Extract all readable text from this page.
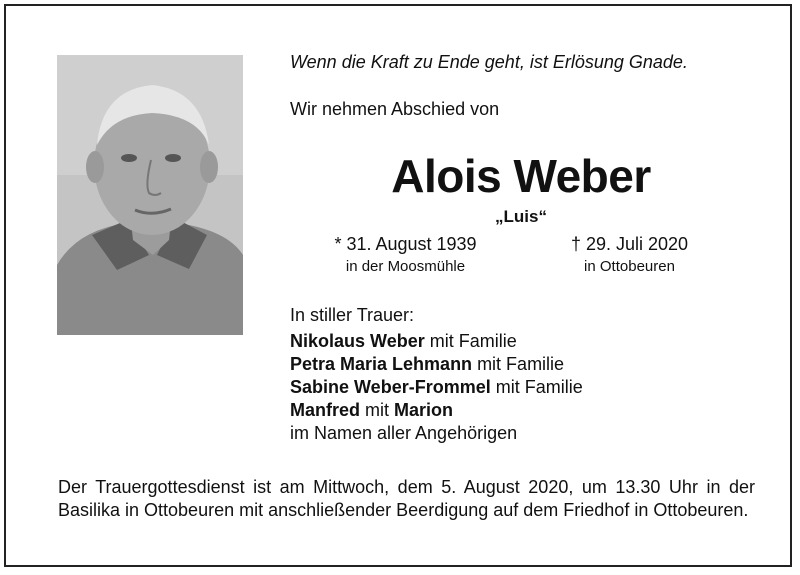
Wenn die Kraft zu Ende geht, ist Erlösung Gnade.
Wir nehmen Abschied von
Alois Weber
„Luis“
* 31. August 1939
in der Moosmühle
† 29. Juli 2020
in Ottobeuren
In stiller Trauer:
Nikolaus Weber mit Familie
Petra Maria Lehmann mit Familie
Sabine Weber-Frommel mit Familie
Manfred mit Marion
im Namen aller Angehörigen
Der Trauergottesdienst ist am Mittwoch, dem 5. August 2020, um 13.30 Uhr in der Basilika in Ottobeuren mit anschließender Beerdigung auf dem Friedhof in Ottobeuren.
